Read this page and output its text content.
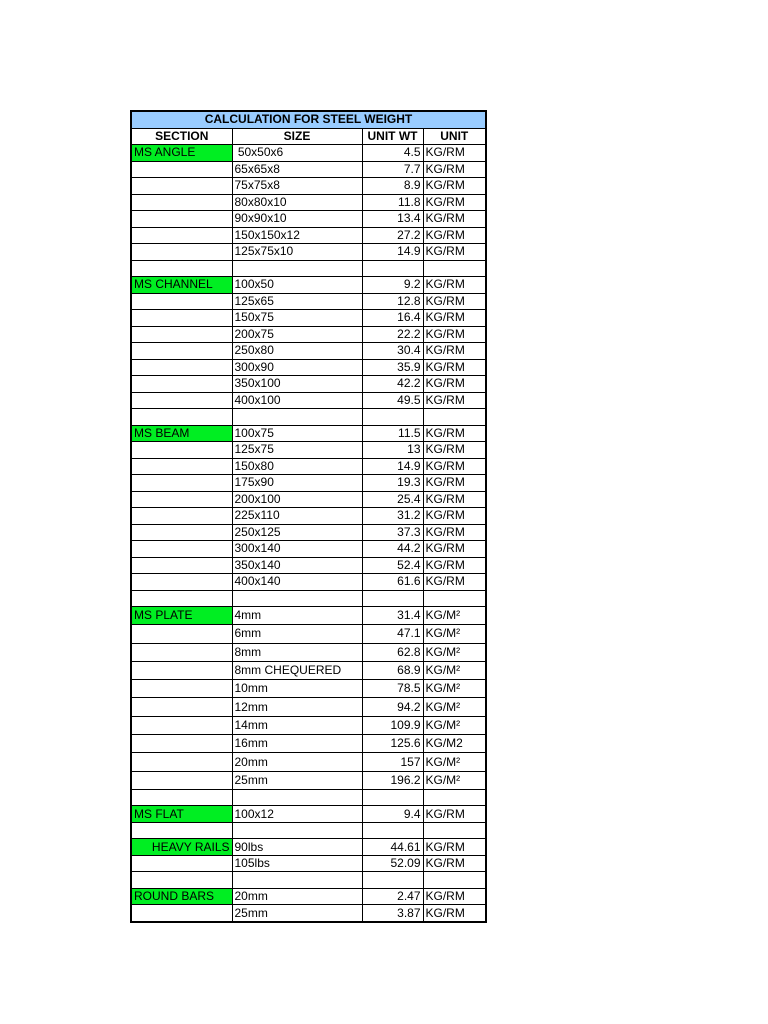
CALCULATION FOR STEEL WEIGHT			
SECTION	SIZE	UNIT WT	UNIT
MS ANGLE	50x50x6	4.5	KG/RM
	65x65x8	7.7	KG/RM
	75x75x8	8.9	KG/RM
	80x80x10	11.8	KG/RM
	90x90x10	13.4	KG/RM
	150x150x12	27.2	KG/RM
	125x75x10	14.9	KG/RM

MS CHANNEL	100x50	9.2	KG/RM
	125x65	12.8	KG/RM
	150x75	16.4	KG/RM
	200x75	22.2	KG/RM
	250x80	30.4	KG/RM
	300x90	35.9	KG/RM
	350x100	42.2	KG/RM
	400x100	49.5	KG/RM

MS BEAM	100x75	11.5	KG/RM
	125x75	13	KG/RM
	150x80	14.9	KG/RM
	175x90	19.3	KG/RM
	200x100	25.4	KG/RM
	225x110	31.2	KG/RM
	250x125	37.3	KG/RM
	300x140	44.2	KG/RM
	350x140	52.4	KG/RM
	400x140	61.6	KG/RM

MS PLATE	4mm	31.4	KG/M²
	6mm	47.1	KG/M²
	8mm	62.8	KG/M²
	8mm CHEQUERED	68.9	KG/M²
	10mm	78.5	KG/M²
	12mm	94.2	KG/M²
	14mm	109.9	KG/M²
	16mm	125.6	KG/M2
	20mm	157	KG/M²
	25mm	196.2	KG/M²

MS FLAT	100x12	9.4	KG/RM

HEAVY RAILS	90lbs	44.61	KG/RM
	105lbs	52.09	KG/RM

ROUND BARS	20mm	2.47	KG/RM
	25mm	3.87	KG/RM
